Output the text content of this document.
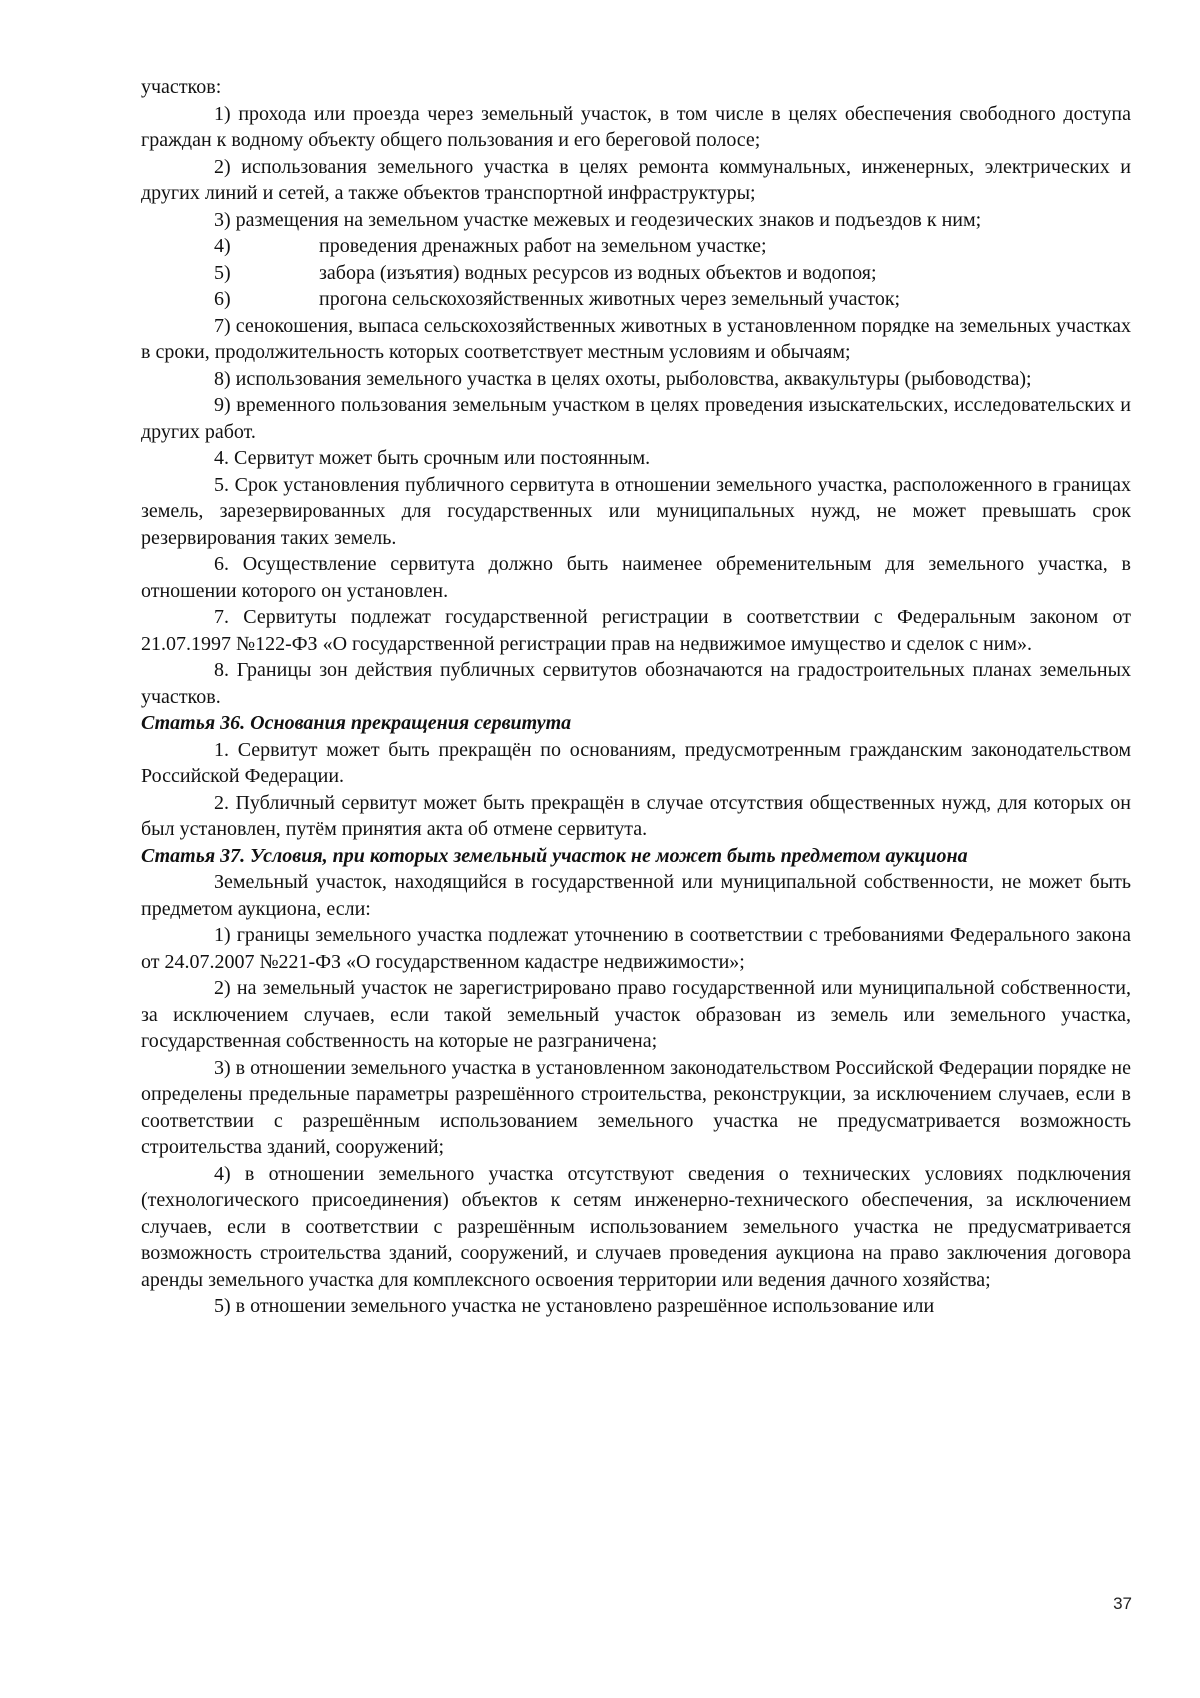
участков:

1) прохода или проезда через земельный участок, в том числе в целях обеспечения свободного доступа граждан к водному объекту общего пользования и его береговой полосе;

2) использования земельного участка в целях ремонта коммунальных, инженерных, электрических и других линий и сетей, а также объектов транспортной инфраструктуры;

3) размещения на земельном участке межевых и геодезических знаков и подъездов к ним;

4)	проведения дренажных работ на земельном участке;
5)	забора (изъятия) водных ресурсов из водных объектов и водопоя;
6)	прогона сельскохозяйственных животных через земельный участок;

7) сенокошения, выпаса сельскохозяйственных животных в установленном порядке на земельных участках в сроки, продолжительность которых соответствует местным условиям и обычаям;

8) использования земельного участка в целях охоты, рыболовства, аквакультуры (рыбоводства);

9) временного пользования земельным участком в целях проведения изыскательских, исследовательских и других работ.

4. Сервитут может быть срочным или постоянным.

5. Срок установления публичного сервитута в отношении земельного участка, расположенного в границах земель, зарезервированных для государственных или муниципальных нужд, не может превышать срок резервирования таких земель.

6. Осуществление сервитута должно быть наименее обременительным для земельного участка, в отношении которого он установлен.

7. Сервитуты подлежат государственной регистрации в соответствии с Федеральным законом от 21.07.1997 №122-ФЗ «О государственной регистрации прав на недвижимое имущество и сделок с ним».

8. Границы зон действия публичных сервитутов обозначаются на градостроительных планах земельных участков.

Статья 36. Основания прекращения сервитута

1. Сервитут может быть прекращён по основаниям, предусмотренным гражданским законодательством Российской Федерации.

2. Публичный сервитут может быть прекращён в случае отсутствия общественных нужд, для которых он был установлен, путём принятия акта об отмене сервитута.

Статья 37. Условия, при которых земельный участок не может быть предметом аукциона

Земельный участок, находящийся в государственной или муниципальной собственности, не может быть предметом аукциона, если:

1) границы земельного участка подлежат уточнению в соответствии с требованиями Федерального закона от 24.07.2007 №221-ФЗ «О государственном кадастре недвижимости»;

2) на земельный участок не зарегистрировано право государственной или муниципальной собственности, за исключением случаев, если такой земельный участок образован из земель или земельного участка, государственная собственность на которые не разграничена;

3) в отношении земельного участка в установленном законодательством Российской Федерации порядке не определены предельные параметры разрешённого строительства, реконструкции, за исключением случаев, если в соответствии с разрешённым использованием земельного участка не предусматривается возможность строительства зданий, сооружений;

4) в отношении земельного участка отсутствуют сведения о технических условиях подключения (технологического присоединения) объектов к сетям инженерно-технического обеспечения, за исключением случаев, если в соответствии с разрешённым использованием земельного участка не предусматривается возможность строительства зданий, сооружений, и случаев проведения аукциона на право заключения договора аренды земельного участка для комплексного освоения территории или ведения дачного хозяйства;

5) в отношении земельного участка не установлено разрешённое использование или

37
